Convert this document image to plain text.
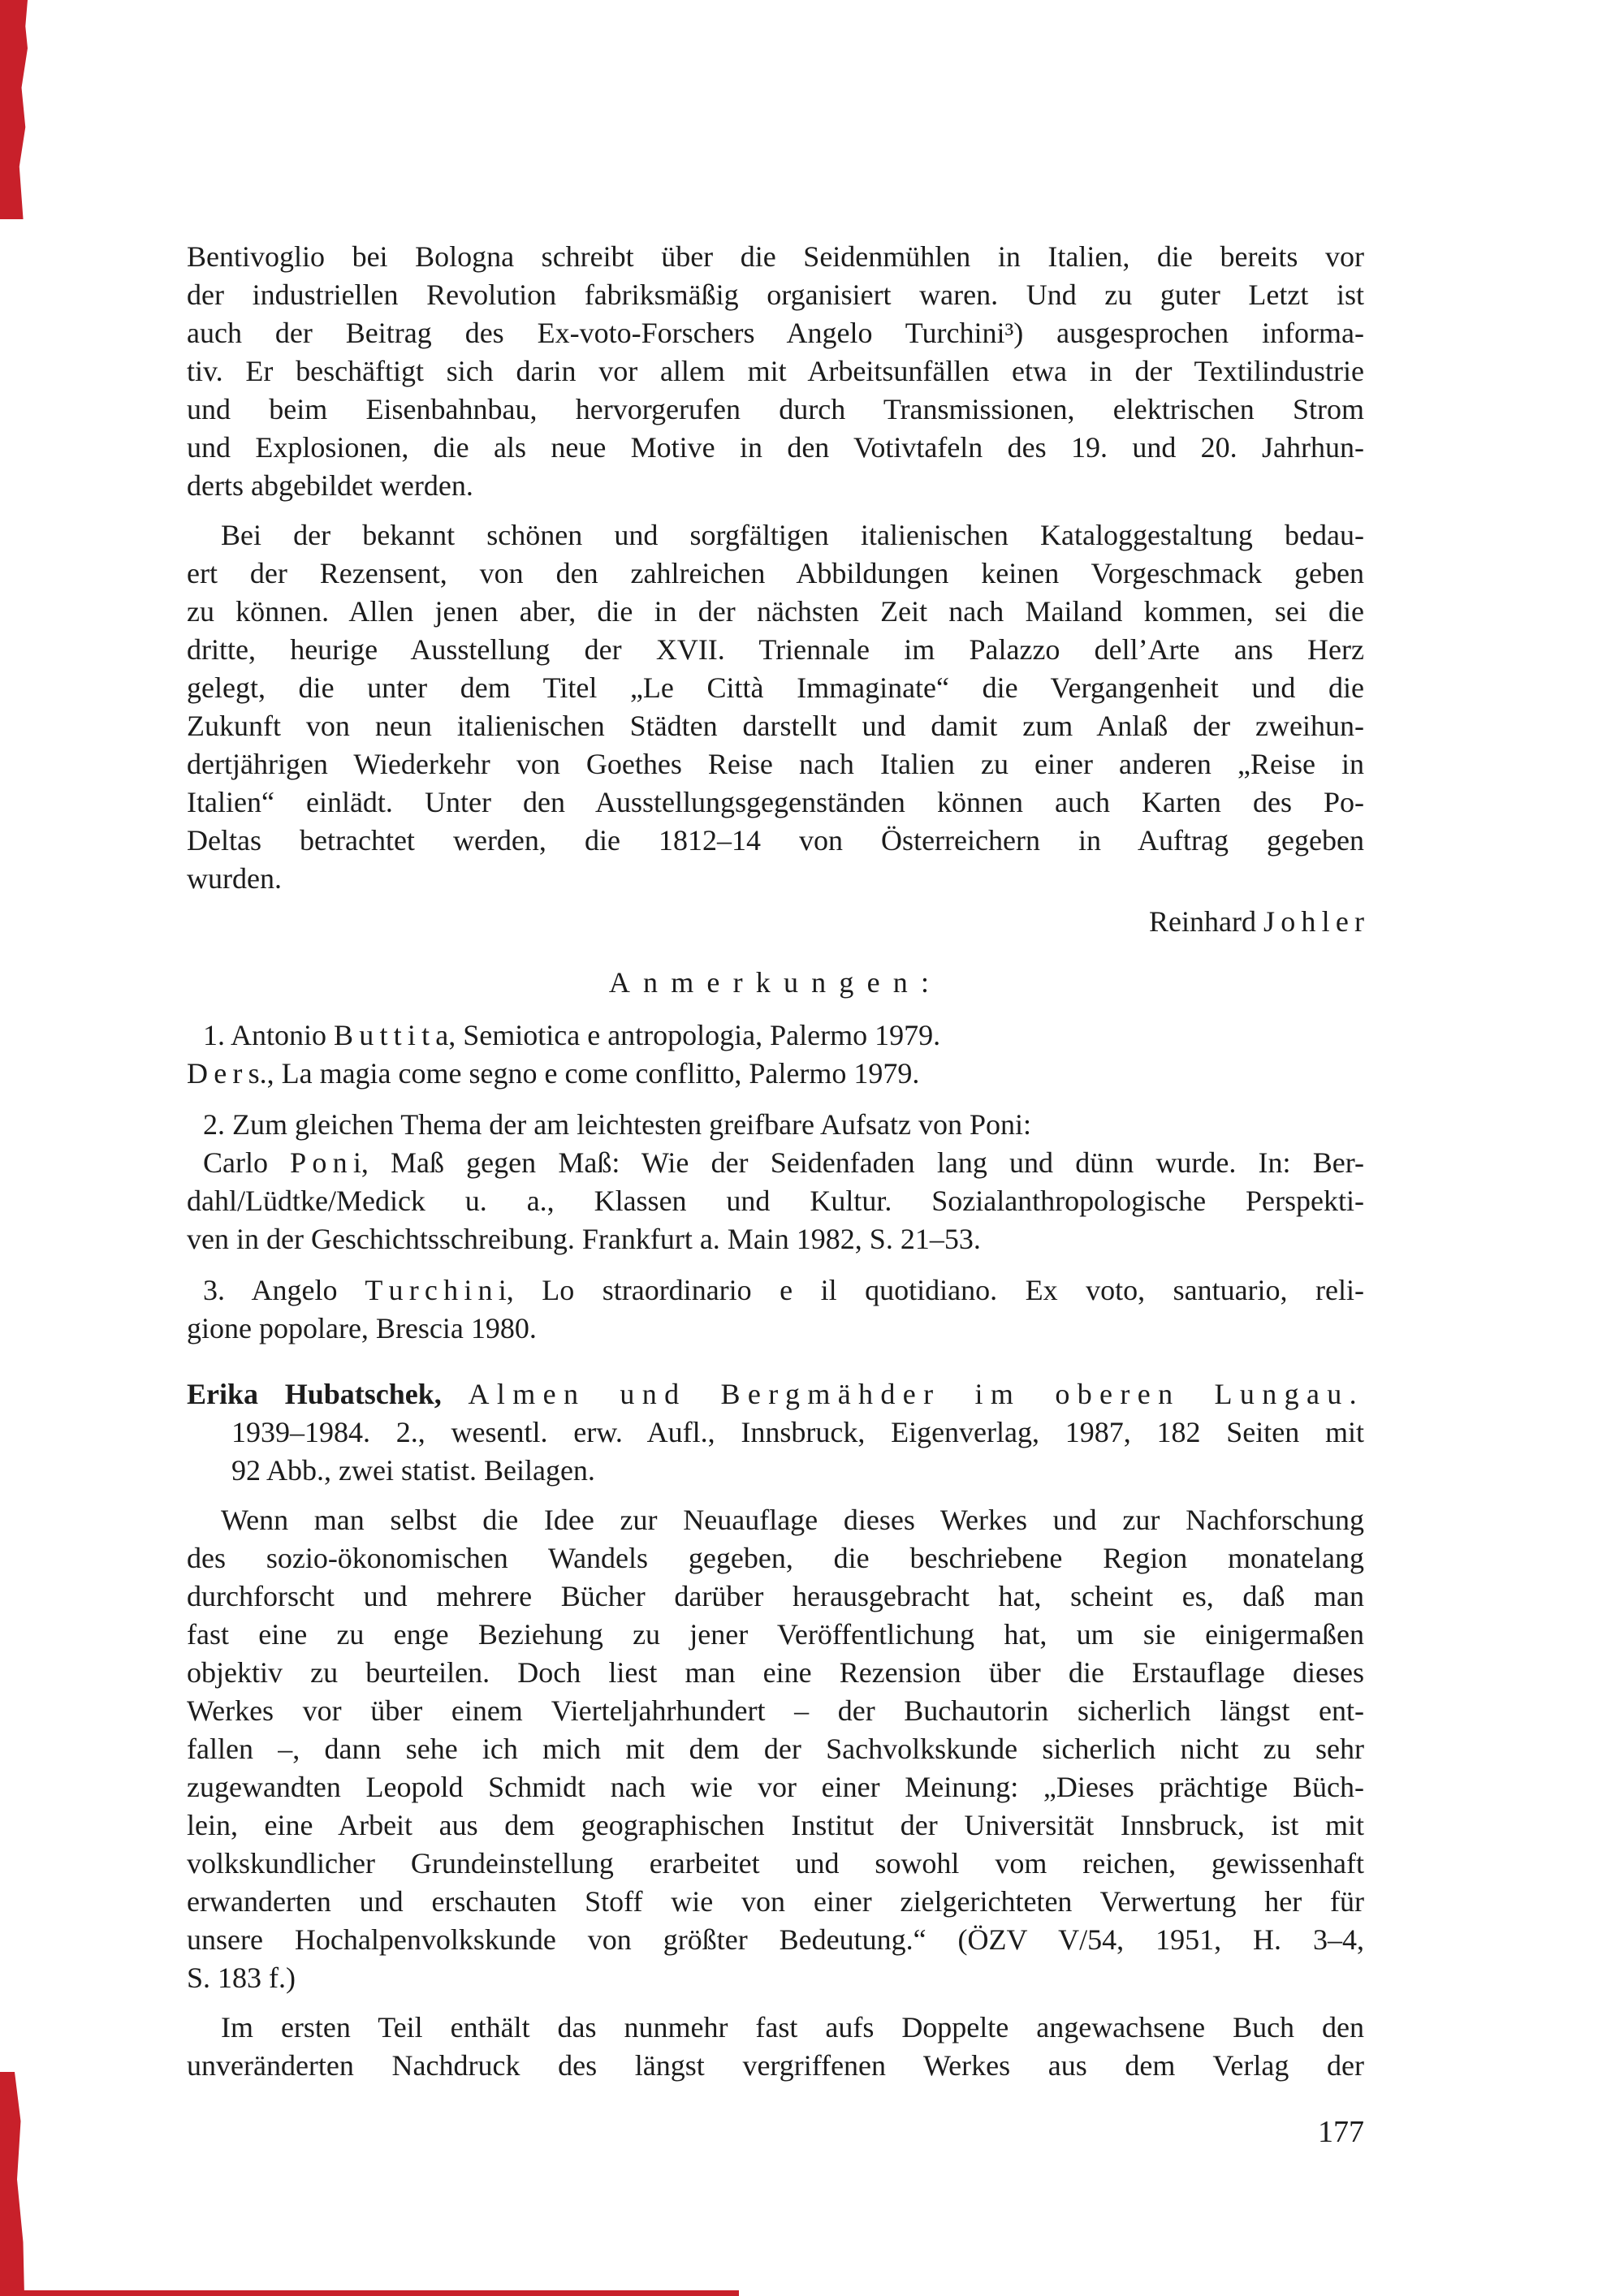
Bentivoglio bei Bologna schreibt über die Seidenmühlen in Italien, die bereits vor
der industriellen Revolution fabriksmäßig organisiert waren. Und zu guter Letzt ist
auch der Beitrag des Ex-voto-Forschers Angelo Turchini³) ausgesprochen informa-
tiv. Er beschäftigt sich darin vor allem mit Arbeitsunfällen etwa in der Textilindustrie
und beim Eisenbahnbau, hervorgerufen durch Transmissionen, elektrischen Strom
und Explosionen, die als neue Motive in den Votivtafeln des 19. und 20. Jahrhun-
derts abgebildet werden.
Bei der bekannt schönen und sorgfältigen italienischen Kataloggestaltung bedau-
ert der Rezensent, von den zahlreichen Abbildungen keinen Vorgeschmack geben
zu können. Allen jenen aber, die in der nächsten Zeit nach Mailand kommen, sei die
dritte, heurige Ausstellung der XVII. Triennale im Palazzo dell’Arte ans Herz
gelegt, die unter dem Titel „Le Città Immaginate“ die Vergangenheit und die
Zukunft von neun italienischen Städten darstellt und damit zum Anlaß der zweihun-
dertjährigen Wiederkehr von Goethes Reise nach Italien zu einer anderen „Reise in
Italien“ einlädt. Unter den Ausstellungsgegenständen können auch Karten des Po-
Deltas betrachtet werden, die 1812–14 von Österreichern in Auftrag gegeben
wurden.
Reinhard J o h l e r
Anmerkungen:
1. Antonio B u t t i t a, Semiotica e antropologia, Palermo 1979.
D e r s., La magia come segno e come conflitto, Palermo 1979.
2. Zum gleichen Thema der am leichtesten greifbare Aufsatz von Poni:
Carlo P o n i, Maß gegen Maß: Wie der Seidenfaden lang und dünn wurde. In: Ber-
dahl/Lüdtke/Medick u. a., Klassen und Kultur. Sozialanthropologische Perspekti-
ven in der Geschichtsschreibung. Frankfurt a. Main 1982, S. 21–53.
3. Angelo T u r c h i n i, Lo straordinario e il quotidiano. Ex voto, santuario, reli-
gione popolare, Brescia 1980.
Erika Hubatschek, Almen und Bergmähder im oberen Lungau.
1939–1984. 2., wesentl. erw. Aufl., Innsbruck, Eigenverlag, 1987, 182 Seiten mit
92 Abb., zwei statist. Beilagen.
Wenn man selbst die Idee zur Neuauflage dieses Werkes und zur Nachforschung
des sozio-ökonomischen Wandels gegeben, die beschriebene Region monatelang
durchforscht und mehrere Bücher darüber herausgebracht hat, scheint es, daß man
fast eine zu enge Beziehung zu jener Veröffentlichung hat, um sie einigermaßen
objektiv zu beurteilen. Doch liest man eine Rezension über die Erstauflage dieses
Werkes vor über einem Vierteljahrhundert – der Buchautorin sicherlich längst ent-
fallen –, dann sehe ich mich mit dem der Sachvolkskunde sicherlich nicht zu sehr
zugewandten Leopold Schmidt nach wie vor einer Meinung: „Dieses prächtige Büch-
lein, eine Arbeit aus dem geographischen Institut der Universität Innsbruck, ist mit
volkskundlicher Grundeinstellung erarbeitet und sowohl vom reichen, gewissenhaft
erwanderten und erschauten Stoff wie von einer zielgerichteten Verwertung her für
unsere Hochalpenvolkskunde von größter Bedeutung.“ (ÖZV V/54, 1951, H. 3–4,
S. 183 f.)
Im ersten Teil enthält das nunmehr fast aufs Doppelte angewachsene Buch den
unveränderten Nachdruck des längst vergriffenen Werkes aus dem Verlag der
177
